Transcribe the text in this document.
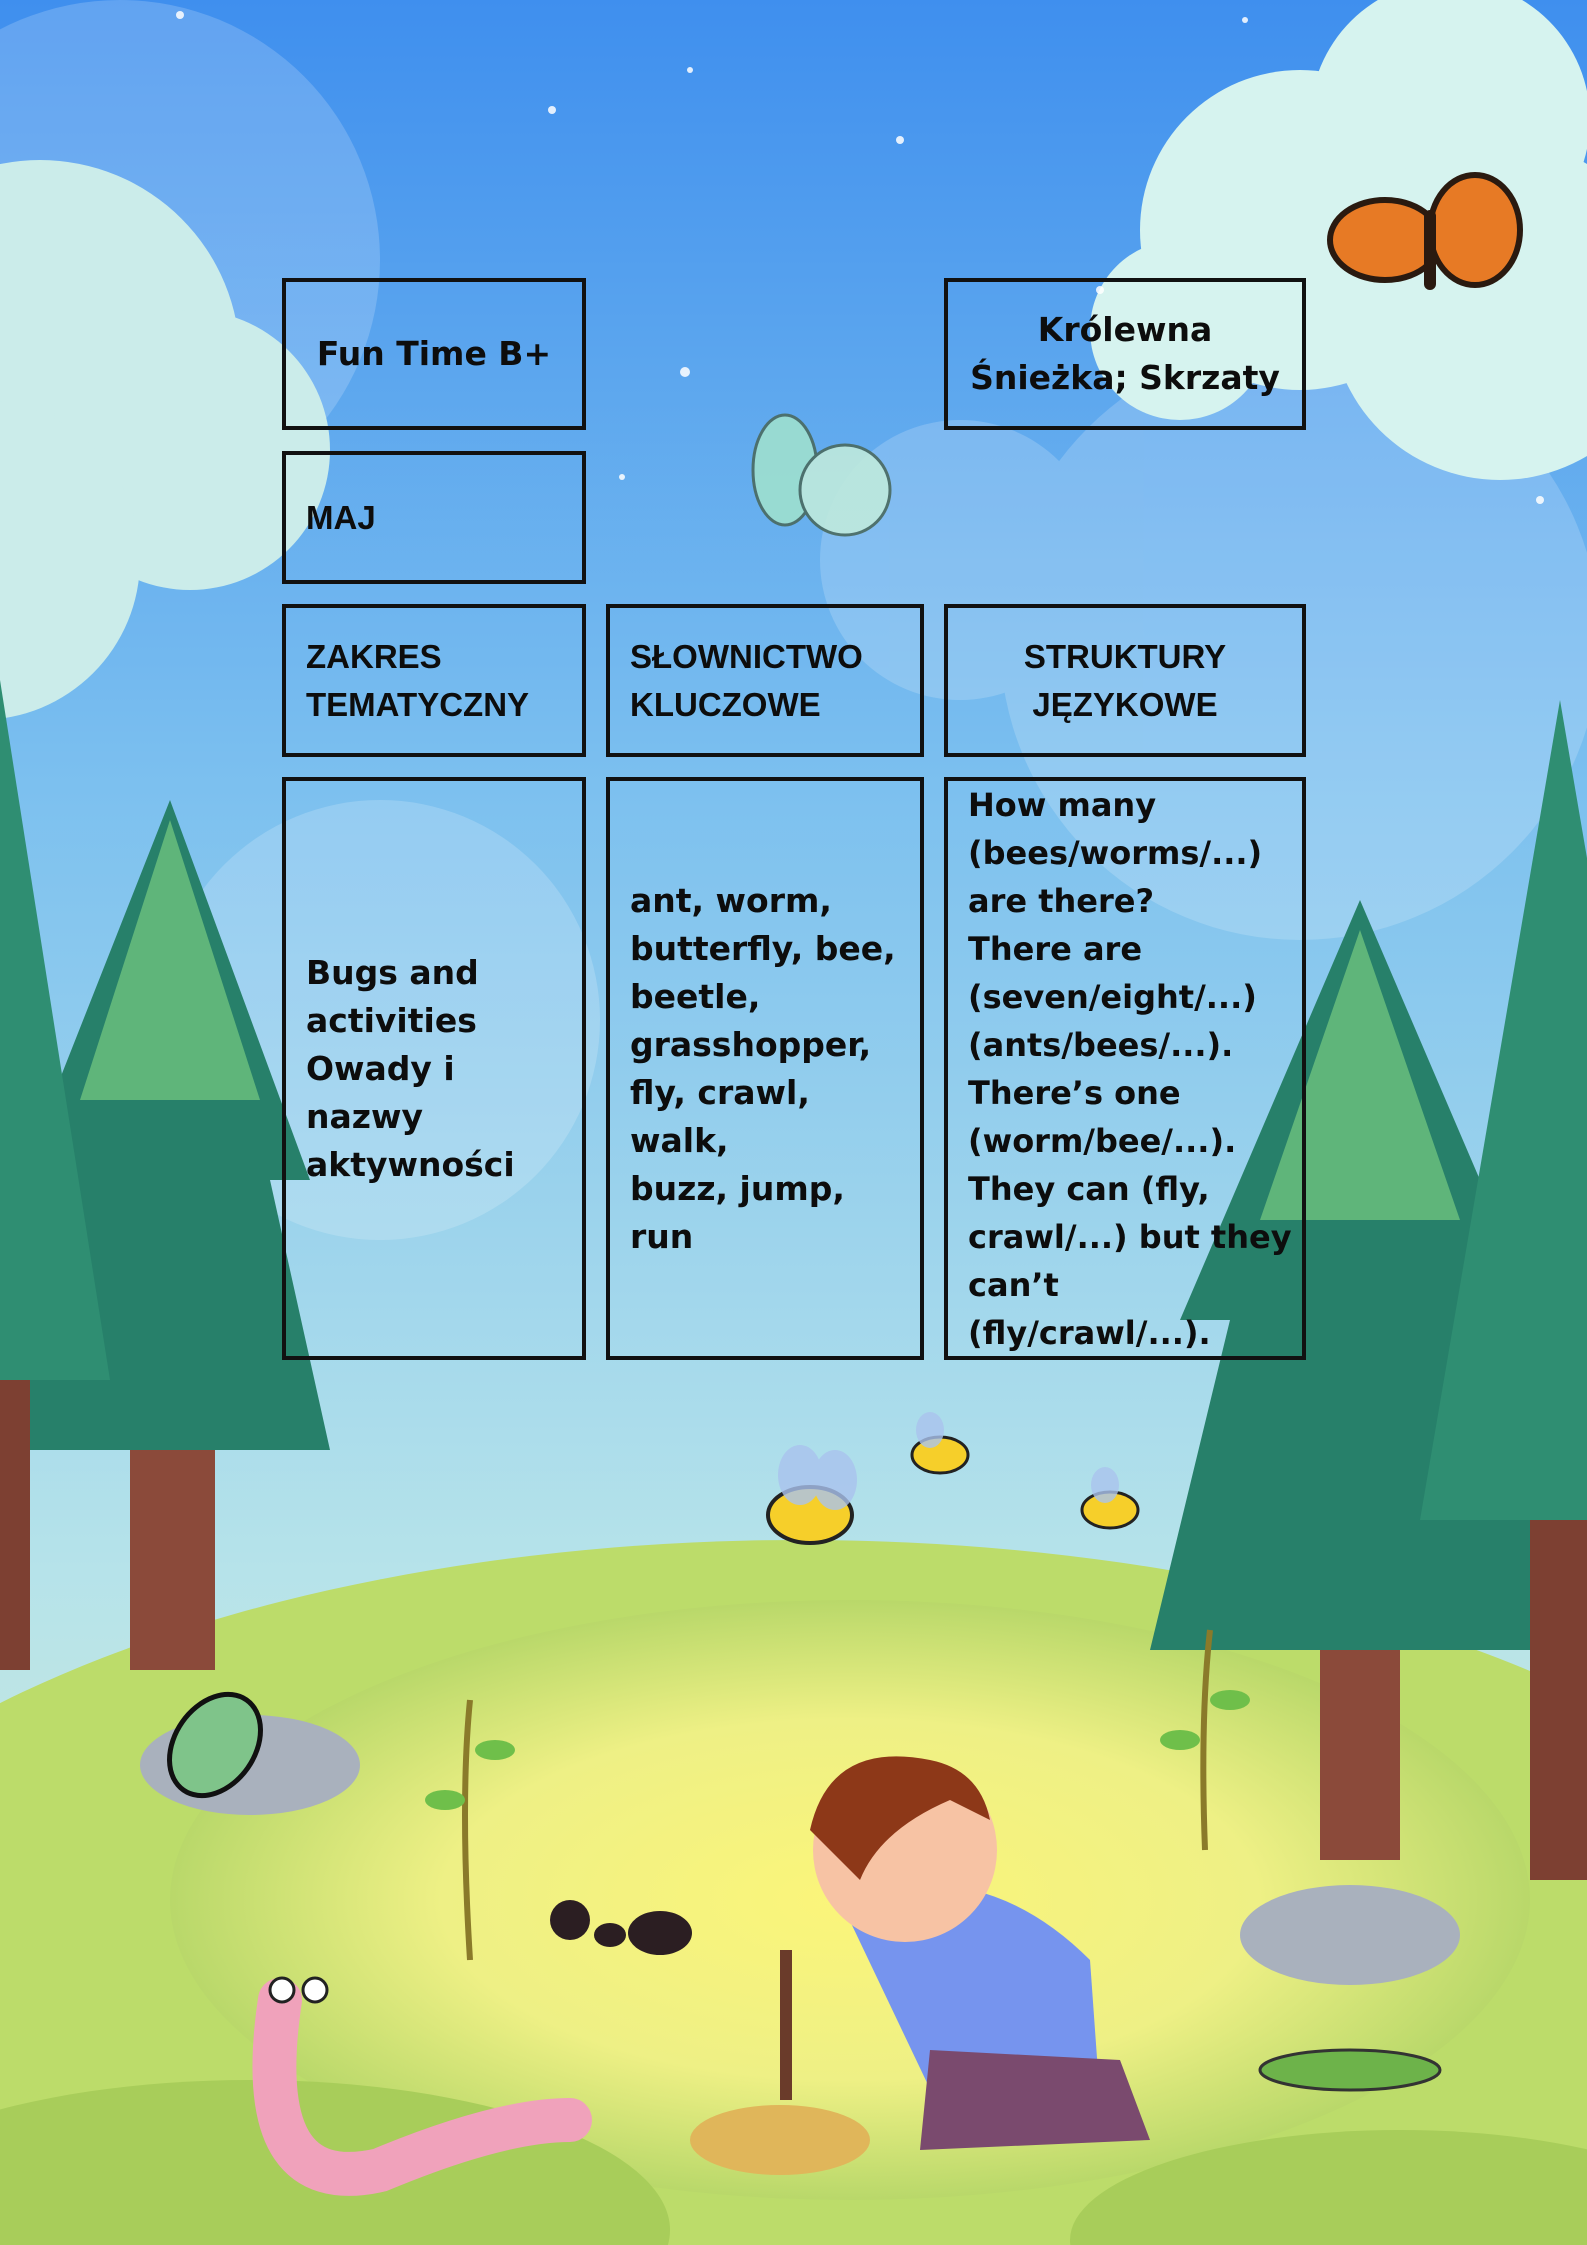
Fun Time B+
Królewna
Śnieżka; Skrzaty
MAJ
ZAKRES
TEMATYCZNY
SŁOWNICTWO
KLUCZOWE
STRUKTURY
JĘZYKOWE
Bugs and
activities
Owady i nazwy
aktywności
ant, worm,
butterfly, bee,
beetle,
grasshopper,
fly, crawl, walk,
buzz, jump, run
How many
(bees/worms/...)
are there?
There are
(seven/eight/...)
(ants/bees/...).
There’s one
(worm/bee/...).
They can (fly,
crawl/...) but they
can’t (fly/crawl/...).
